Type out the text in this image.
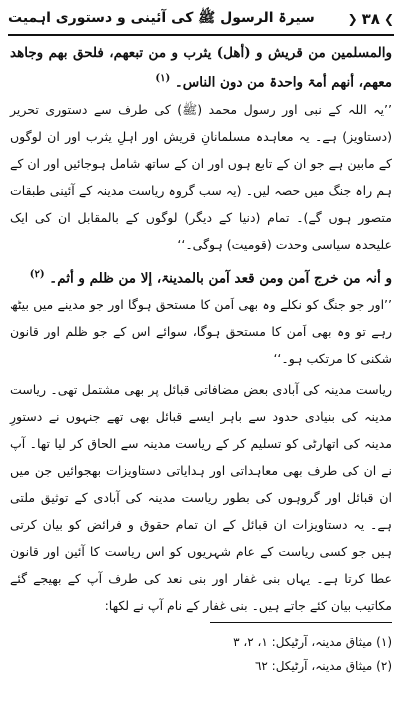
❯
٣٨
❮
سیرۃ الرسول ﷺ کی آئینی و دستوری اہمیت

والمسلمین من قریش و (أھل) یثرب و من تبعھم، فلحق بھم وجاھد معھم، أنھم أمۃ واحدۃ من دون الناس۔ $^{(١)}$

’’یہ اللہ کے نبی اور رسول محمد (ﷺ) کی طرف سے دستوری تحریر (دستاویز) ہے۔ یہ معاہدہ مسلمانانِ قریش اور اہلِ یثرب اور ان لوگوں کے مابین ہے جو ان کے تابع ہوں اور ان کے ساتھ شامل ہوجائیں اور ان کے ہم راہ جنگ میں حصہ لیں۔ (یہ سب گروہ ریاست مدینہ کے آئینی طبقات متصور ہوں گے)۔ تمام (دنیا کے دیگر) لوگوں کے بالمقابل ان کی ایک علیحدہ سیاسی وحدت (قومیت) ہوگی۔‘‘

و أنہ من خرج آمن ومن قعد آمن بالمدینۃ، إلا من ظلم و أثم۔ $^{(٢)}$

’’اور جو جنگ کو نکلے وہ بھی اَمن کا مستحق ہوگا اور جو مدینے میں بیٹھ رہے تو وہ بھی اَمن کا مستحق ہوگا، سوائے اس کے جو ظلم اور قانون شکنی کا مرتکب ہو۔‘‘

ریاست مدینہ کی آبادی بعض مضافاتی قبائل پر بھی مشتمل تھی۔ ریاست مدینہ کی بنیادی حدود سے باہر ایسے قبائل بھی تھے جنہوں نے دستورِ مدینہ کی اتھارٹی کو تسلیم کر کے ریاست مدینہ سے الحاق کر لیا تھا۔ آپ نے ان کی طرف بھی معاہداتی اور ہدایاتی دستاویزات بھجوائیں جن میں ان قبائل اور گروہوں کی بطور ریاست مدینہ کی آبادی کے توثیق ملتی ہے۔ یہ دستاویزات ان قبائل کے ان تمام حقوق و فرائض کو بیان کرتی ہیں جو کسی ریاست کے عام شہریوں کو اس ریاست کا آئین اور قانون عطا کرتا ہے۔ یہاں بنی غفار اور بنی نعد کی طرف آپ کے بھیجے گئے مکاتیب بیان کئے جاتے ہیں۔ بنی غفار کے نام آپ نے لکھا:

(١) میثاق مدینہ، آرٹیکل: ١، ٢، ٣
(٢) میثاق مدینہ، آرٹیکل: ٦٢
